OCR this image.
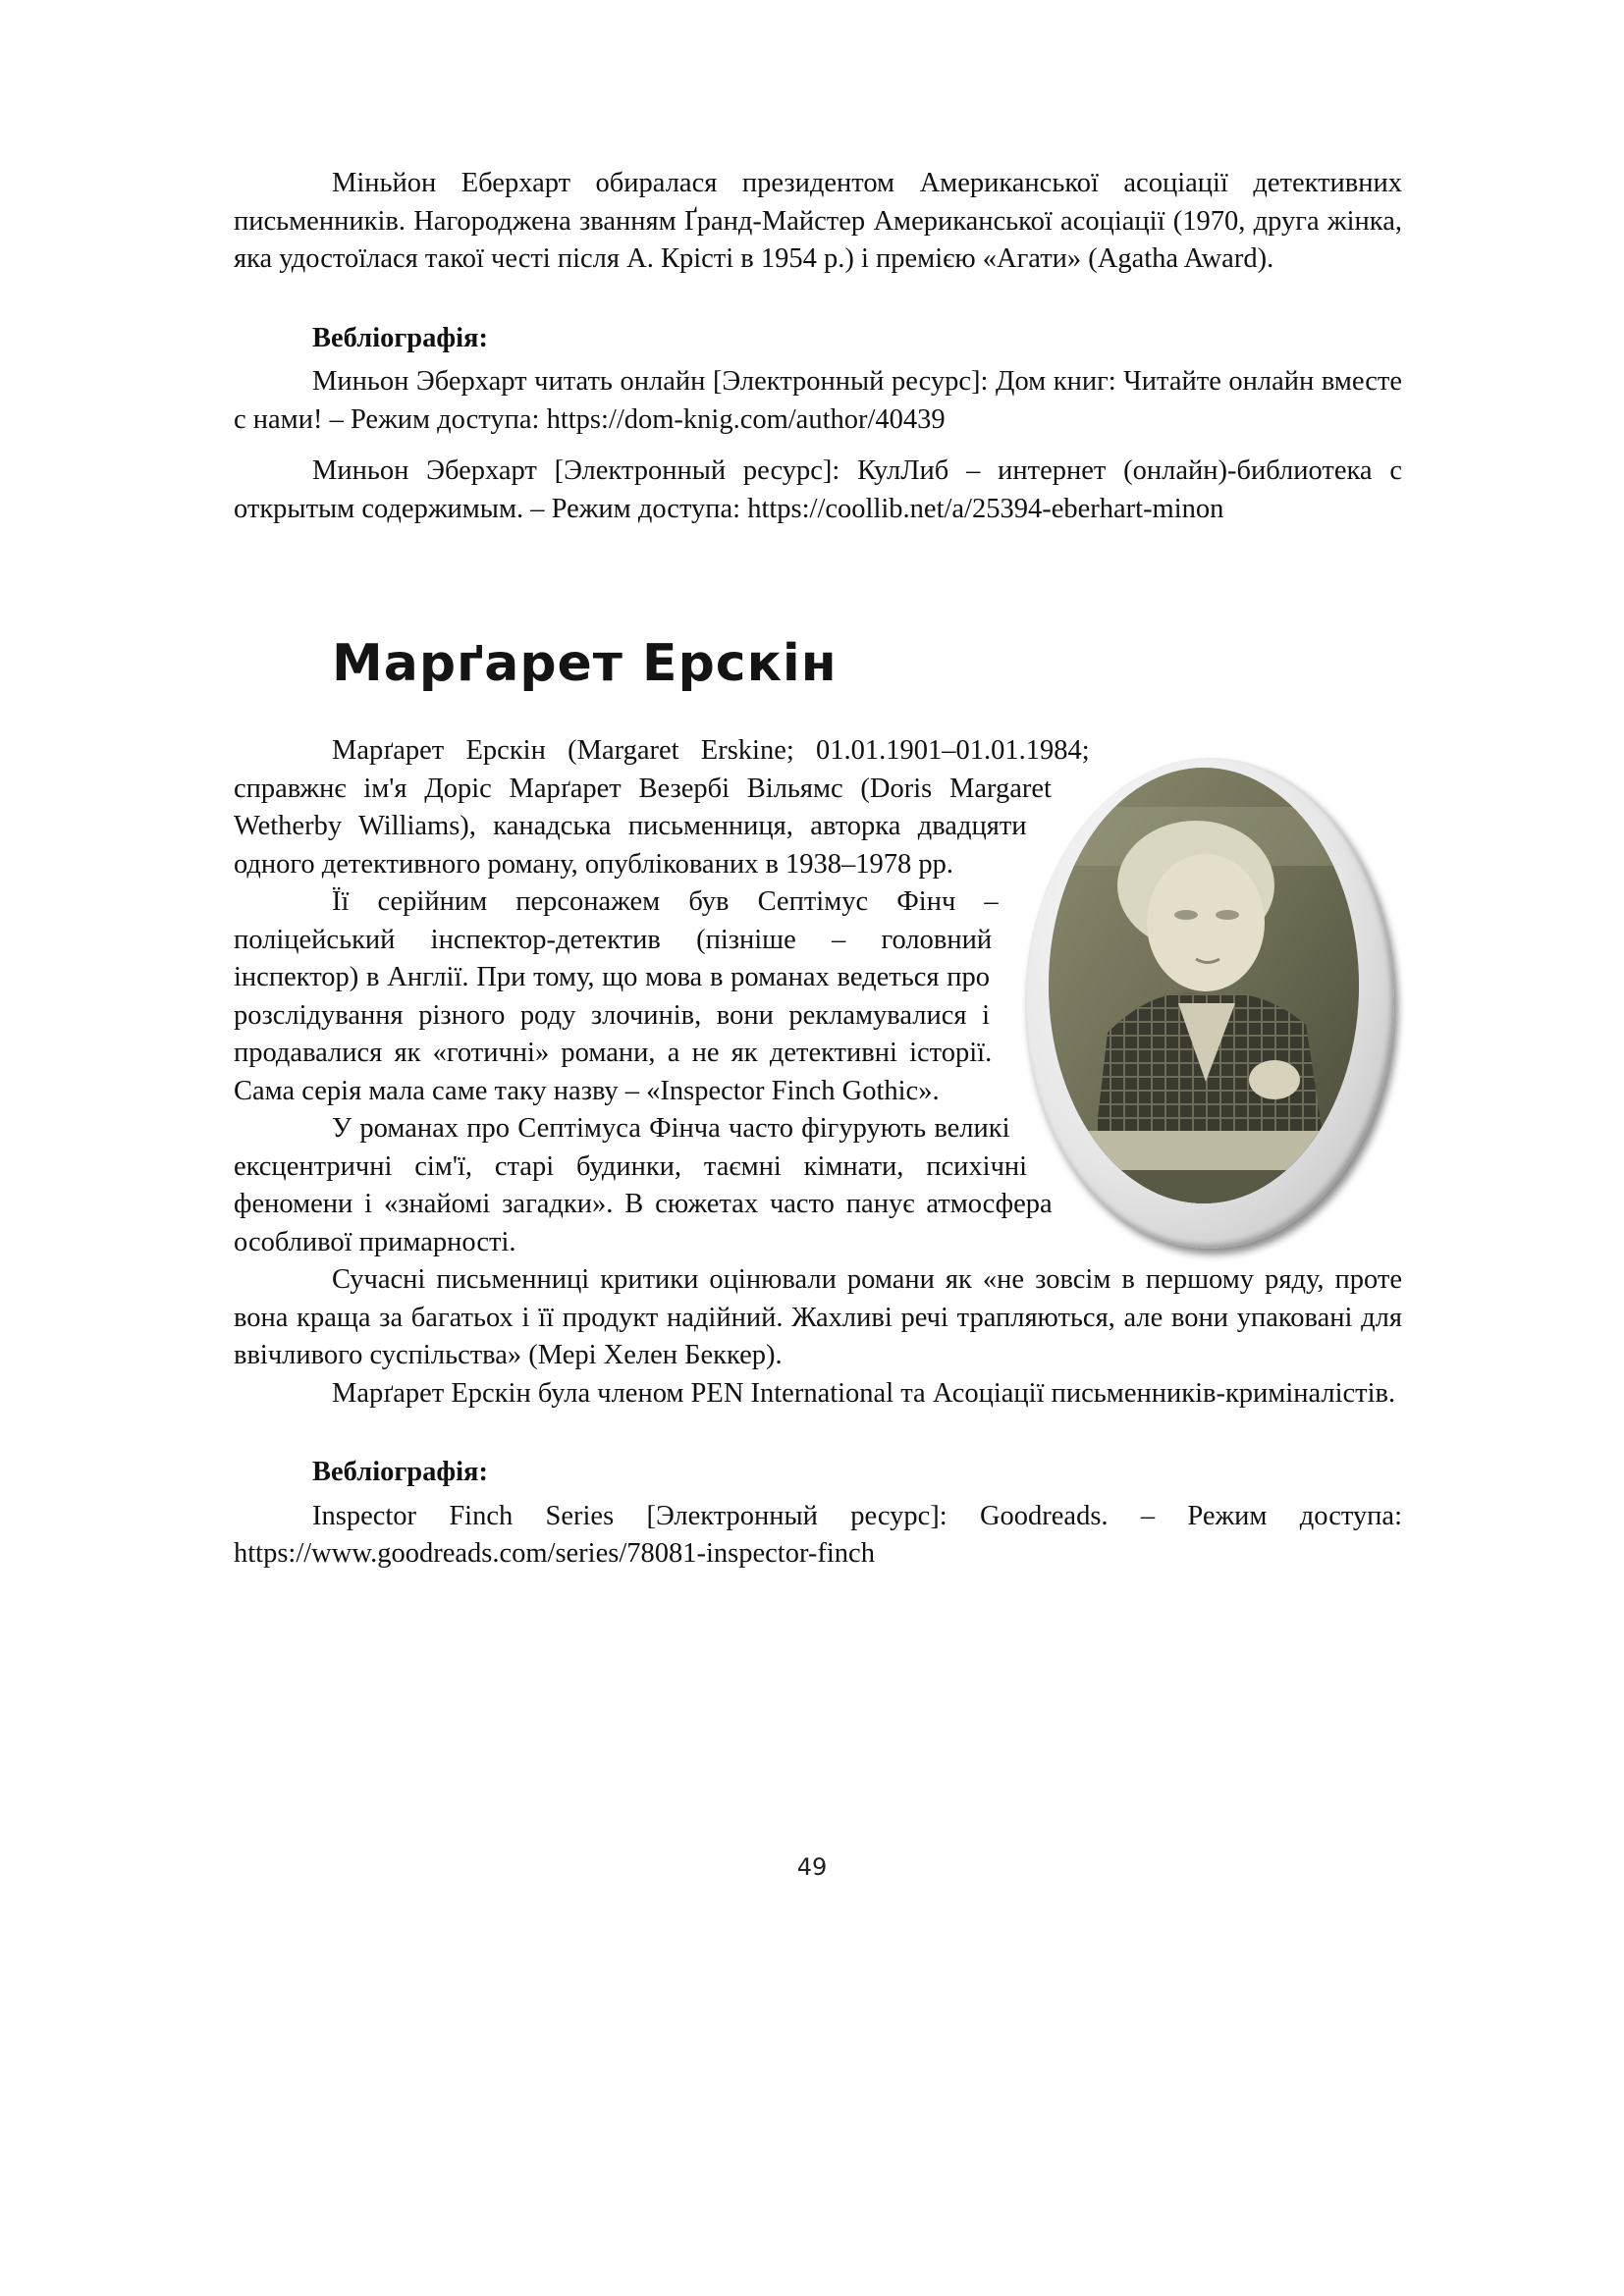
Міньйон Еберхарт обиралася президентом Американської асоціації детективних письменників. Нагороджена званням Ґранд-Майстер Американської асоціації (1970, друга жінка, яка удостоїлася такої честі після А. Крісті в 1954 р.) і премією «Агати» (Agatha Award).

Вебліографія:

Миньон Эберхарт читать онлайн [Электронный ресурс]: Дом книг: Читайте онлайн вместе с нами! – Режим доступа: https://dom-knig.com/author/40439

Миньон Эберхарт [Электронный ресурс]: КулЛиб – интернет (онлайн)-библиотека с открытым содержимым. – Режим доступа: https://coollib.net/a/25394-eberhart-minon

Марґарет Ерскін

Марґарет Ерскін (Margaret Erskine; 01.01.1901–01.01.1984; справжнє ім'я Доріс Марґарет Везербі Вільямс (Doris Margaret Wetherby Williams), канадська письменниця, авторка двадцяти одного детективного роману, опублікованих в 1938–1978 рр.

Її серійним персонажем був Септімус Фінч – поліцейський інспектор-детектив (пізніше – головний інспектор) в Англії. При тому, що мова в романах ведеться про розслідування різного роду злочинів, вони рекламувалися і продавалися як «готичні» романи, а не як детективні історії. Сама серія мала саме таку назву – «Inspector Finch Gothic».

У романах про Септімуса Фінча часто фігурують великі ексцентричні сім'ї, старі будинки, таємні кімнати, психічні феномени і «знайомі загадки». В сюжетах часто панує атмосфера особливої примарності.

Сучасні письменниці критики оцінювали романи як «не зовсім в першому ряду, проте вона краща за багатьох і її продукт надійний. Жахливі речі трапляються, але вони упаковані для ввічливого суспільства» (Мері Хелен Беккер).

Марґарет Ерскін була членом PEN International та Асоціації письменників-криміналістів.

Вебліографія:

Inspector Finch Series [Электронный ресурс]: Goodreads. – Режим доступа: https://www.goodreads.com/series/78081-inspector-finch

49
